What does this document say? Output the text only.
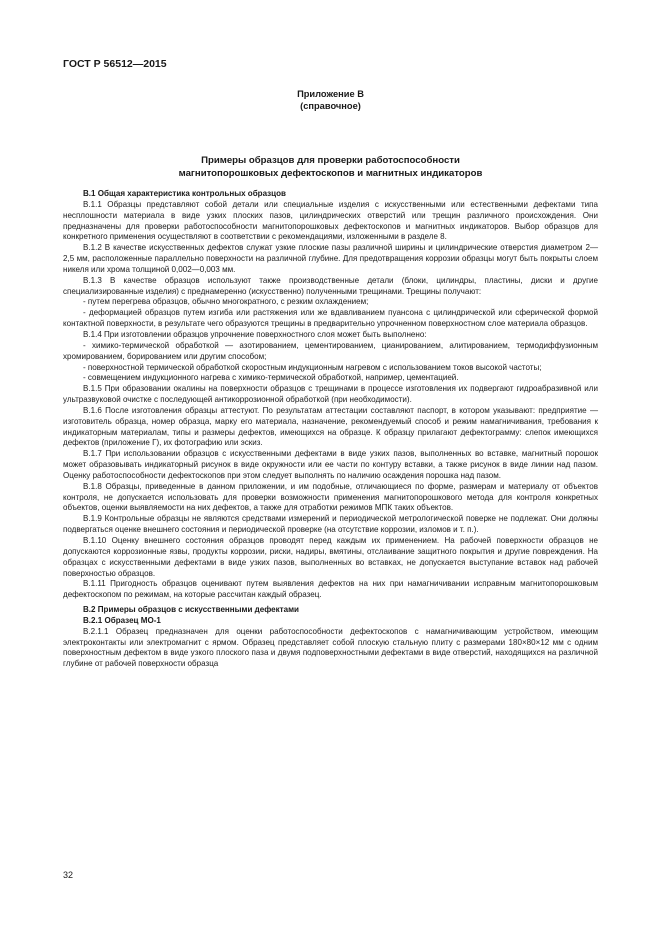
ГОСТ Р 56512—2015
Приложение В
(справочное)
Примеры образцов для проверки работоспособности
магнитопорошковых дефектоскопов и магнитных индикаторов
В.1 Общая характеристика контрольных образцов

В.1.1 Образцы представляют собой детали или специальные изделия с искусственными или естественными дефектами типа несплошности материала в виде узких плоских пазов, цилиндрических отверстий или трещин различного происхождения. Они предназначены для проверки работоспособности магнитопорошковых дефектоскопов и магнитных индикаторов. Выбор образцов для конкретного применения осуществляют в соответствии с рекомендациями, изложенными в разделе 8.

В.1.2 В качестве искусственных дефектов служат узкие плоские пазы различной ширины и цилиндрические отверстия диаметром 2—2,5 мм, расположенные параллельно поверхности на различной глубине. Для предотвращения коррозии образцы могут быть покрыты слоем никеля или хрома толщиной 0,002—0,003 мм.

В.1.3 В качестве образцов используют также производственные детали (блоки, цилиндры, пластины, диски и другие специализированные изделия) с преднамеренно (искусственно) полученными трещинами. Трещины получают:

- путем перегрева образцов, обычно многократного, с резким охлаждением;

- деформацией образцов путем изгиба или растяжения или же вдавливанием пуансона с цилиндрической или сферической формой контактной поверхности, в результате чего образуются трещины в предварительно упрочненном поверхностном слое материала образцов.

В.1.4 При изготовлении образцов упрочнение поверхностного слоя может быть выполнено:

- химико-термической обработкой — азотированием, цементированием, цианированием, алитированием, термодиффузионным хромированием, борированием или другим способом;

- поверхностной термической обработкой скоростным индукционным нагревом с использованием токов высокой частоты;

- совмещением индукционного нагрева с химико-термической обработкой, например, цементацией.

В.1.5 При образовании окалины на поверхности образцов с трещинами в процессе изготовления их подвергают гидроабразивной или ультразвуковой очистке с последующей антикоррозионной обработкой (при необходимости).

В.1.6 После изготовления образцы аттестуют. По результатам аттестации составляют паспорт, в котором указывают: предприятие — изготовитель образца, номер образца, марку его материала, назначение, рекомендуемый способ и режим намагничивания, требования к индикаторным материалам, типы и размеры дефектов, имеющихся на образце. К образцу прилагают дефектограмму: слепок имеющихся дефектов (приложение Г), их фотографию или эскиз.

В.1.7 При использовании образцов с искусственными дефектами в виде узких пазов, выполненных во вставке, магнитный порошок может образовывать индикаторный рисунок в виде окружности или ее части по контуру вставки, а также рисунок в виде линии над пазом. Оценку работоспособности дефектоскопов при этом следует выполнять по наличию осаждения порошка над пазом.

В.1.8 Образцы, приведенные в данном приложении, и им подобные, отличающиеся по форме, размерам и материалу от объектов контроля, не допускается использовать для проверки возможности применения магнитопорошкового метода для контроля конкретных объектов, оценки выявляемости на них дефектов, а также для отработки режимов МПК таких объектов.

В.1.9 Контрольные образцы не являются средствами измерений и периодической метрологической поверке не подлежат. Они должны подвергаться оценке внешнего состояния и периодической проверке (на отсутствие коррозии, изломов и т. п.).

В.1.10 Оценку внешнего состояния образцов проводят перед каждым их применением. На рабочей поверхности образцов не допускаются коррозионные язвы, продукты коррозии, риски, надиры, вмятины, отслаивание защитного покрытия и другие повреждения. На образцах с искусственными дефектами в виде узких пазов, выполненных во вставках, не допускается выступание вставок над рабочей поверхностью образцов.

В.1.11 Пригодность образцов оценивают путем выявления дефектов на них при намагничивании исправным магнитопорошковым дефектоскопом по режимам, на которые рассчитан каждый образец.

В.2 Примеры образцов с искусственными дефектами
В.2.1 Образец МО-1

В.2.1.1 Образец предназначен для оценки работоспособности дефектоскопов с намагничивающим устройством, имеющим электроконтакты или электромагнит с ярмом. Образец представляет собой плоскую стальную плиту с размерами 180×80×12 мм с одним поверхностным дефектом в виде узкого плоского паза и двумя подповерхностными дефектами в виде отверстий, находящихся на различной глубине от рабочей поверхности образца

32
